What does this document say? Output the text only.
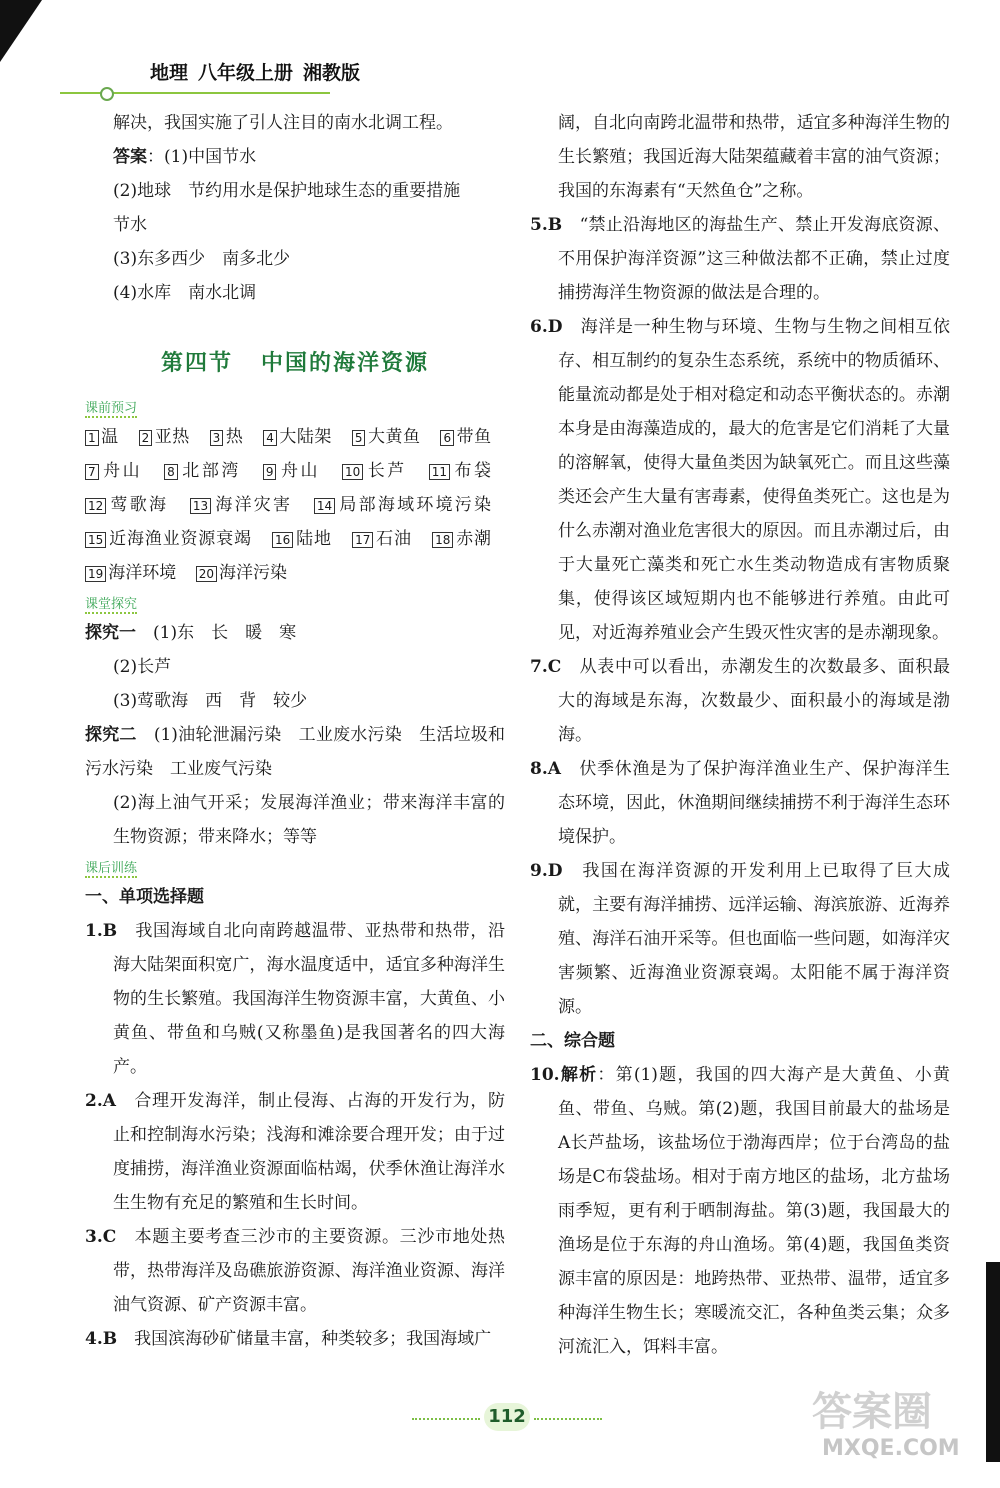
地理 八年级上册 湘教版

解决，我国实施了引人注目的南水北调工程。

答案：(1)中国节水

(2)地球　节约用水是保护地球生态的重要措施

节水

(3)东多西少　南多北少

(4)水库　南水北调

第四节 中国的海洋资源
课前预习

1 温 2 亚热 3 热 4 大陆架 5 大黄鱼 6 带鱼 7 舟山 8 北部湾 9 舟山 10 长芦 11 布袋 12 莺歌海 13 海洋灾害 14 局部海域环境污染 15 近海渔业资源衰竭 16 陆地 17 石油 18 赤潮 19 海洋环境 20 海洋污染

课堂探究

探究一　 (1)东　长　暖　寒

(2)长芦

(3)莺歌海　西　背　较少

探究二　 (1)油轮泄漏污染　工业废水污染　生活垃圾和污水污染　工业废气污染

(2)海上油气开采；发展海洋渔业；带来海洋丰富的生物资源；带来降水；等等

课后训练

一、单项选择题

1.B　 我国海域自北向南跨越温带、亚热带和热带，沿海大陆架面积宽广，海水温度适中，适宜多种海洋生物的生长繁殖。我国海洋生物资源丰富，大黄鱼、小黄鱼、带鱼和乌贼(又称墨鱼)是我国著名的四大海产。

2.A　 合理开发海洋，制止侵海、占海的开发行为，防止和控制海水污染；浅海和滩涂要合理开发；由于过度捕捞，海洋渔业资源面临枯竭，伏季休渔让海洋水生生物有充足的繁殖和生长时间。

3.C　 本题主要考查三沙市的主要资源。三沙市地处热带，热带海洋及岛礁旅游资源、海洋渔业资源、海洋油气资源、矿产资源丰富。

4.B　 我国滨海砂矿储量丰富，种类较多；我国海域广

阔，自北向南跨北温带和热带，适宜多种海洋生物的生长繁殖；我国近海大陆架蕴藏着丰富的油气资源；我国的东海素有“天然鱼仓”之称。

5.B　 “禁止沿海地区的海盐生产、禁止开发海底资源、不用保护海洋资源”这三种做法都不正确，禁止过度捕捞海洋生物资源的做法是合理的。

6.D　 海洋是一种生物与环境、生物与生物之间相互依存、相互制约的复杂生态系统，系统中的物质循环、能量流动都是处于相对稳定和动态平衡状态的。赤潮本身是由海藻造成的，最大的危害是它们消耗了大量的溶解氧，使得大量鱼类因为缺氧死亡。而且这些藻类还会产生大量有害毒素，使得鱼类死亡。这也是为什么赤潮对渔业危害很大的原因。而且赤潮过后，由于大量死亡藻类和死亡水生类动物造成有害物质聚集，使得该区域短期内也不能够进行养殖。由此可见，对近海养殖业会产生毁灭性灾害的是赤潮现象。

7.C　 从表中可以看出，赤潮发生的次数最多、面积最大的海域是东海，次数最少、面积最小的海域是渤海。

8.A　 伏季休渔是为了保护海洋渔业生产、保护海洋生态环境，因此，休渔期间继续捕捞不利于海洋生态环境保护。

9.D　 我国在海洋资源的开发利用上已取得了巨大成就，主要有海洋捕捞、远洋运输、海滨旅游、近海养殖、海洋石油开采等。但也面临一些问题，如海洋灾害频繁、近海渔业资源衰竭。太阳能不属于海洋资源。

二、综合题

10.解析：第(1)题，我国的四大海产是大黄鱼、小黄鱼、带鱼、乌贼。第(2)题，我国目前最大的盐场是A长芦盐场，该盐场位于渤海西岸；位于台湾岛的盐场是C布袋盐场。相对于南方地区的盐场，北方盐场雨季短，更有利于晒制海盐。第(3)题，我国最大的渔场是位于东海的舟山渔场。第(4)题，我国鱼类资源丰富的原因是：地跨热带、亚热带、温带，适宜多种海洋生物生长；寒暖流交汇，各种鱼类云集；众多河流汇入，饵料丰富。

112	答案圈
MXQE.COM
